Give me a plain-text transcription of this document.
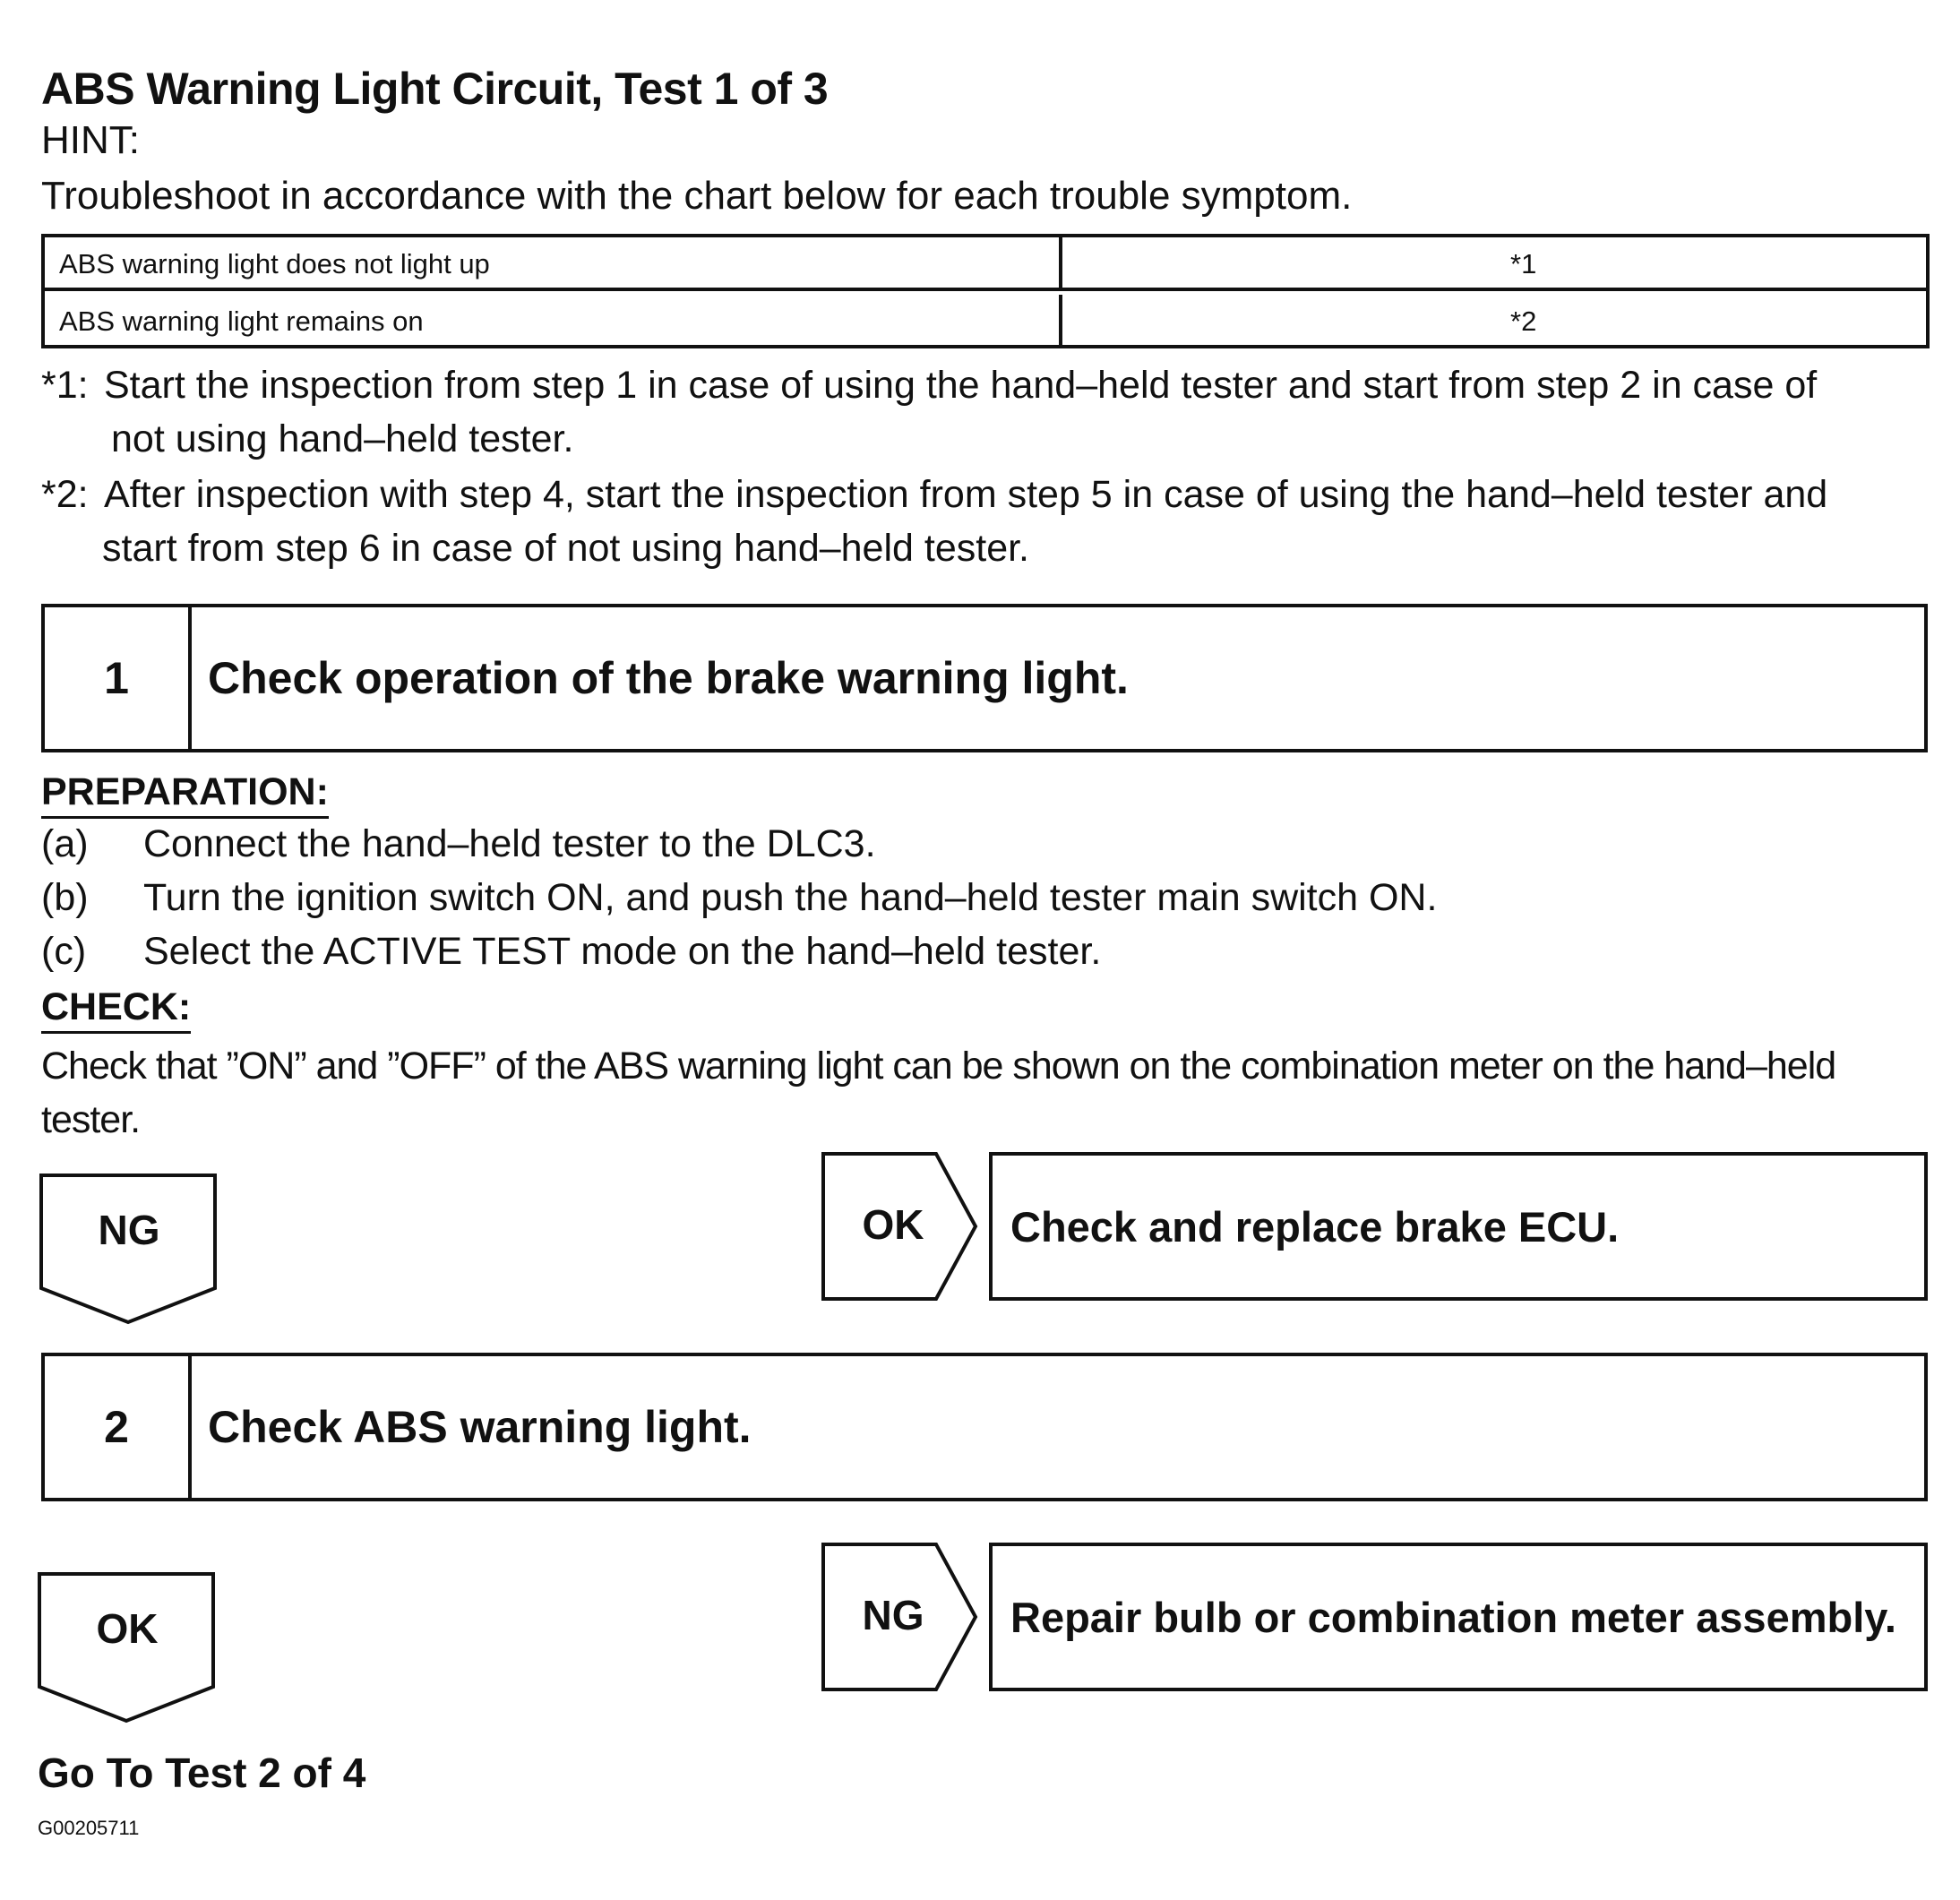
ABS Warning Light Circuit, Test 1 of 3
HINT:
Troubleshoot in accordance with the chart below for each trouble symptom.
ABS warning light does not light up	*1
ABS warning light remains on	*2
*1: Start the inspection from step 1 in case of using the hand–held tester and start from step 2 in case of
not using hand–held tester.
*2: After inspection with step 4, start the inspection from step 5 in case of using the hand–held tester and
start from step 6 in case of not using hand–held tester.
1	Check operation of the brake warning light.
PREPARATION:
(a) Connect the hand–held tester to the DLC3.
(b) Turn the ignition switch ON, and push the hand–held tester main switch ON.
(c) Select the ACTIVE TEST mode on the hand–held tester.
CHECK:
Check that ”ON” and ”OFF” of the ABS warning light can be shown on the combination meter on the hand–held tester.
NG	OK	Check and replace brake ECU.
2	Check ABS warning light.
OK	NG	Repair bulb or combination meter assembly.
Go To Test 2 of 4
G00205711
